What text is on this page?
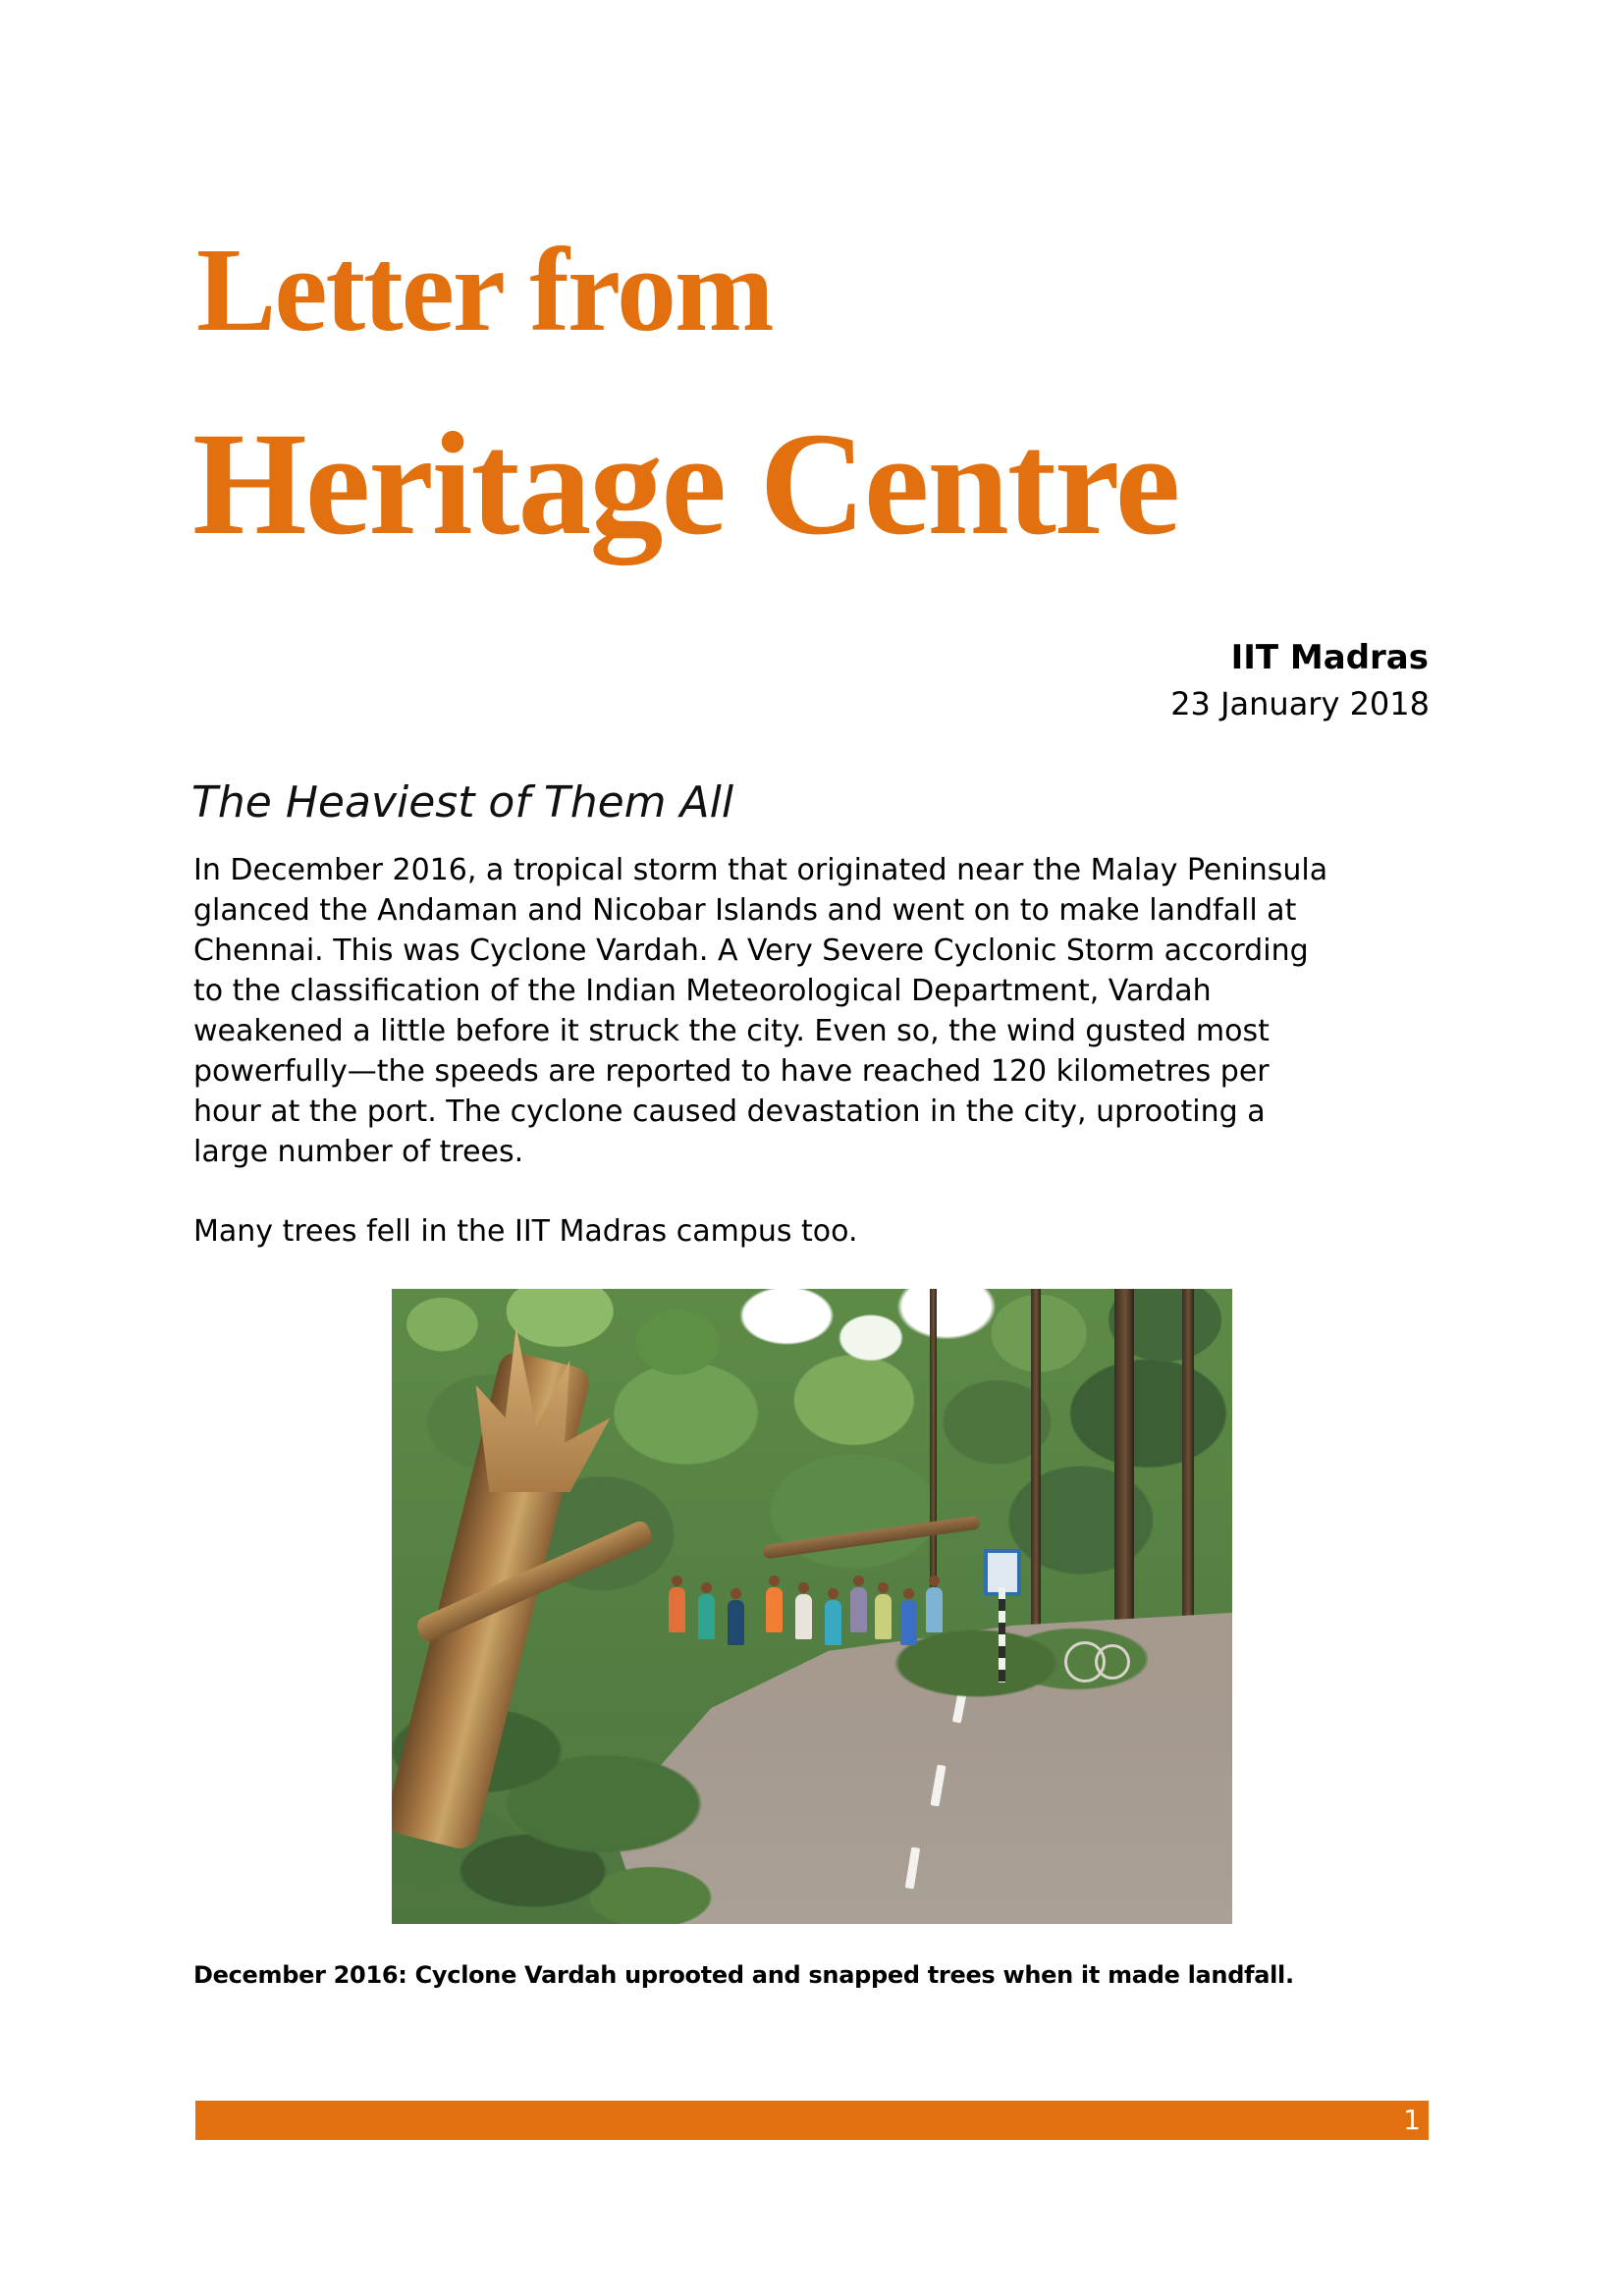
Letter from
Heritage Centre
IIT Madras
23 January 2018
The Heaviest of Them All
In December 2016, a tropical storm that originated near the Malay Peninsula
glanced the Andaman and Nicobar Islands and went on to make landfall at
Chennai. This was Cyclone Vardah. A Very Severe Cyclonic Storm according
to the classification of the Indian Meteorological Department, Vardah
weakened a little before it struck the city. Even so, the wind gusted most
powerfully—the speeds are reported to have reached 120 kilometres per
hour at the port. The cyclone caused devastation in the city, uprooting a
large number of trees.
Many trees fell in the IIT Madras campus too.
December 2016: Cyclone Vardah uprooted and snapped trees when it made landfall.
1
